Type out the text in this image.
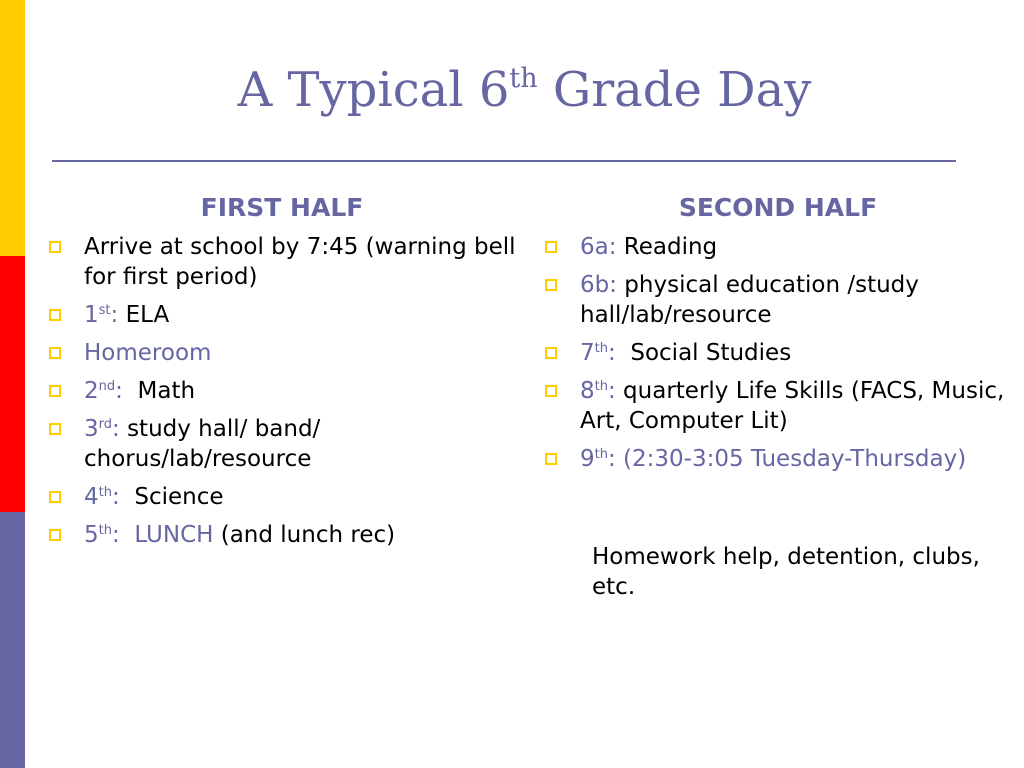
A Typical 6th Grade Day
FIRST HALF
Arrive at school by 7:45 (warning bell for first period)
1st: ELA
Homeroom
2nd:  Math
3rd: study hall/ band/ chorus/lab/resource
4th:  Science
5th:  LUNCH (and lunch rec)
SECOND HALF
6a: Reading
6b: physical education /study hall/lab/resource
7th:  Social Studies
8th: quarterly Life Skills (FACS, Music, Art, Computer Lit)
9th: (2:30-3:05 Tuesday-Thursday)
Homework help, detention, clubs, etc.
